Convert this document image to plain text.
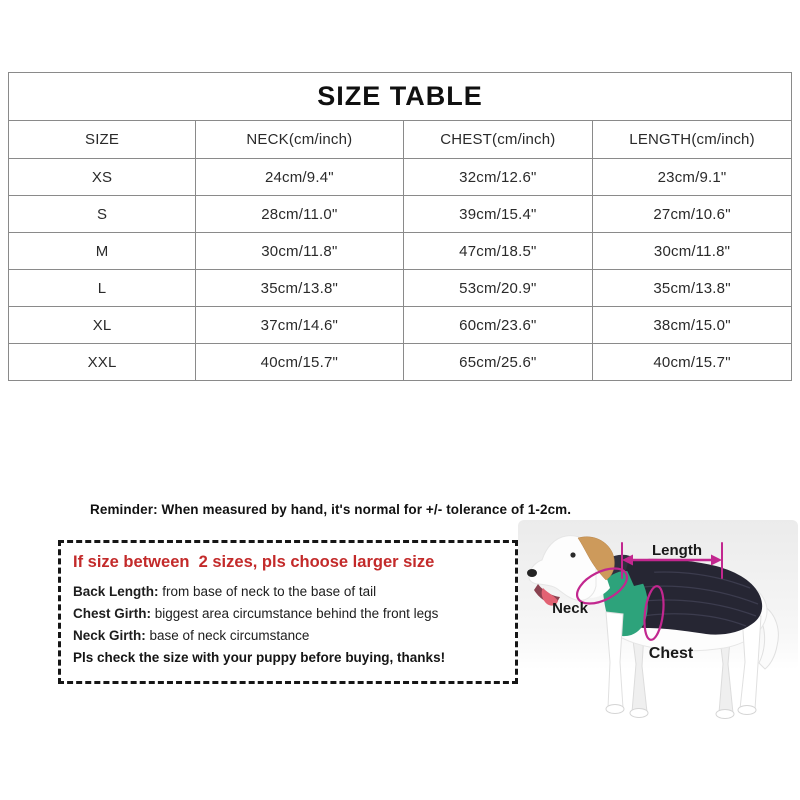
SIZE TABLE			
SIZE	NECK(cm/inch)	CHEST(cm/inch)	LENGTH(cm/inch)
XS	24cm/9.4"	32cm/12.6"	23cm/9.1"
S	28cm/11.0"	39cm/15.4"	27cm/10.6"
M	30cm/11.8"	47cm/18.5"	30cm/11.8"
L	35cm/13.8"	53cm/20.9"	35cm/13.8"
XL	37cm/14.6"	60cm/23.6"	38cm/15.0"
XXL	40cm/15.7"	65cm/25.6"	40cm/15.7"
Reminder: When measured by hand, it's normal for +/- tolerance of 1-2cm.
If size between  2 sizes, pls choose larger size
Back Length: from base of neck to the base of tail
Chest Girth: biggest area circumstance behind the front legs
Neck Girth: base of neck circumstance
Pls check the size with your puppy before buying, thanks!
Length
Neck
Chest
